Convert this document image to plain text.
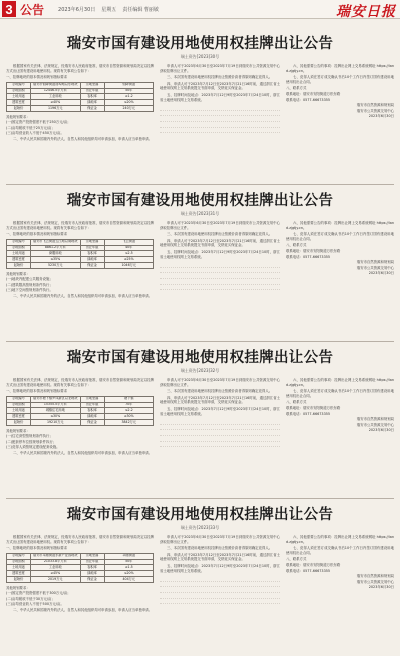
3 公告	2023年6月30日 星期五 责任编辑 曹丽敏	瑞安日报
瑞安市国有建设用地使用权挂牌出让公告
瑞土资告[2023]30号

根据国家有关法律、法规规定，经瑞安市人民政府批准，瑞安市自然资源和规划局决定以挂牌方式出让国有建设用地使用权。现将有关事项公告如下：

一、挂牌地块的基本情况和规划指标要求

宗地编号	瑞安市仙降街道前埠路以东地块	宗地坐落	仙降街道
宗地面积	12446.5平方米	出让年限	50年
土地用途	工业用地	容积率	≥1.2
建筑密度	≥40%	绿地率	≤20%
起始价	1196万元	保证金	240万元

其他规划要求：

(一)固定资产投资强度不低于250万元/亩；

(二)亩均税收不低于25万元/亩；

(三)亩均营业收入不低于450万元/亩。

二、中华人民共和国境内外的法人、自然人和其他组织均可申请参加，申请人应当单独申请。

申请人可于2023年6月30日至2023年7月19日到瑞安市公共资源交易中心获取挂牌出让文件。

三、本次国有建设用地使用权挂牌出让按照价高者得原则确定竞得人。

四、申请人可于2023年7月12日至2023年7月21日16时前，通过浙江省土地使用权网上交易系统提交书面申请，交纳竞买保证金。

五、挂牌时间及地点：2023年7月12日9时至2023年7月24日10时，浙江省土地使用权网上交易系统。

六、其他需要公告的事项：挂牌出让网上交易系统网址 https://land.zjgtjy.cn。

七、竞得人须在签订成交确认书后10个工作日内签订国有建设用地使用权出让合同。

八、联系方式

联系地址：瑞安市安阳街道万松东路

联系电话：0577-66673355

瑞安市自然资源和规划局

瑞安市公共资源交易中心

2023年6月30日

瑞安市国有建设用地使用权挂牌出让公告
瑞土资告[2023]31号

根据国家有关法律、法规规定，经瑞安市人民政府批准，瑞安市自然资源和规划局决定以挂牌方式出让国有建设用地使用权。现将有关事项公告如下：

一、挂牌地块的基本情况和规划指标要求

宗地编号	瑞安市飞云街道云江路以南地块	宗地坐落	飞云街道
宗地面积	8861.2平方米	出让年限	40年
土地用途	商服用地	容积率	≤2.5
建筑密度	≤35%	绿地率	≥25%
起始价	5230万元	保证金	1046万元

其他规划要求：

(一)地块内配建公共服务设施；

(二)建筑限高按规划条件执行；

(三)地下空间按规划条件执行。

二、中华人民共和国境内外的法人、自然人和其他组织均可申请参加，申请人应当单独申请。

申请人可于2023年6月30日至2023年7月19日到瑞安市公共资源交易中心获取挂牌出让文件。

三、本次国有建设用地使用权挂牌出让按照价高者得原则确定竞得人。

四、申请人可于2023年7月12日至2023年7月21日16时前，通过浙江省土地使用权网上交易系统提交书面申请，交纳竞买保证金。

五、挂牌时间及地点：2023年7月12日9时至2023年7月24日10时，浙江省土地使用权网上交易系统。

六、其他需要公告的事项：挂牌出让网上交易系统网址 https://land.zjgtjy.cn。

七、竞得人须在签订成交确认书后10个工作日内签订国有建设用地使用权出让合同。

八、联系方式

联系地址：瑞安市安阳街道万松东路

联系电话：0577-66673355

瑞安市自然资源和规划局

瑞安市公共资源交易中心

2023年6月30日

瑞安市国有建设用地使用权挂牌出让公告
瑞土资告[2023]32号

根据国家有关法律、法规规定，经瑞安市人民政府批准，瑞安市自然资源和规划局决定以挂牌方式出让国有建设用地使用权。现将有关事项公告如下：

一、挂牌地块的基本情况和规划指标要求

宗地编号	瑞安市塘下镇罗凤新区以北地块	宗地坐落	塘下镇
宗地面积	15355.5平方米	出让年限	70年
土地用途	城镇住宅用地	容积率	≤2.2
建筑密度	≤30%	绿地率	≥30%
起始价	19210万元	保证金	3842万元

其他规划要求：

(一)住宅套型按规划条件执行；

(二)配套停车位按规划条件执行；

(三)竞得人须按规定建设配套设施。

二、中华人民共和国境内外的法人、自然人和其他组织均可申请参加，申请人应当单独申请。

申请人可于2023年6月30日至2023年7月19日到瑞安市公共资源交易中心获取挂牌出让文件。

三、本次国有建设用地使用权挂牌出让按照价高者得原则确定竞得人。

四、申请人可于2023年7月12日至2023年7月21日16时前，通过浙江省土地使用权网上交易系统提交书面申请，交纳竞买保证金。

五、挂牌时间及地点：2023年7月12日9时至2023年7月24日10时，浙江省土地使用权网上交易系统。

六、其他需要公告的事项：挂牌出让网上交易系统网址 https://land.zjgtjy.cn。

七、竞得人须在签订成交确认书后10个工作日内签订国有建设用地使用权出让合同。

八、联系方式

联系地址：瑞安市安阳街道万松东路

联系电话：0577-66673355

瑞安市自然资源和规划局

瑞安市公共资源交易中心

2023年6月30日

瑞安市国有建设用地使用权挂牌出让公告
瑞土资告[2023]33号

根据国家有关法律、法规规定，经瑞安市人民政府批准，瑞安市自然资源和规划局决定以挂牌方式出让国有建设用地使用权。现将有关事项公告如下：

一、挂牌地块的基本情况和规划指标要求

宗地编号	瑞安市莘塍街道东新产业园地块	宗地坐落	莘塍街道
宗地面积	21033.8平方米	出让年限	50年
土地用途	工业用地	容积率	≥1.5
建筑密度	≥45%	绿地率	≤20%
起始价	2019万元	保证金	404万元

其他规划要求：

(一)固定资产投资强度不低于300万元/亩；

(二)亩均税收不低于30万元/亩；

(三)亩均营业收入不低于500万元/亩。

二、中华人民共和国境内外的法人、自然人和其他组织均可申请参加，申请人应当单独申请。

申请人可于2023年6月30日至2023年7月19日到瑞安市公共资源交易中心获取挂牌出让文件。

三、本次国有建设用地使用权挂牌出让按照价高者得原则确定竞得人。

四、申请人可于2023年7月12日至2023年7月21日16时前，通过浙江省土地使用权网上交易系统提交书面申请，交纳竞买保证金。

五、挂牌时间及地点：2023年7月12日9时至2023年7月24日10时，浙江省土地使用权网上交易系统。

六、其他需要公告的事项：挂牌出让网上交易系统网址 https://land.zjgtjy.cn。

七、竞得人须在签订成交确认书后10个工作日内签订国有建设用地使用权出让合同。

八、联系方式

联系地址：瑞安市安阳街道万松东路

联系电话：0577-66673355

瑞安市自然资源和规划局

瑞安市公共资源交易中心

2023年6月30日
